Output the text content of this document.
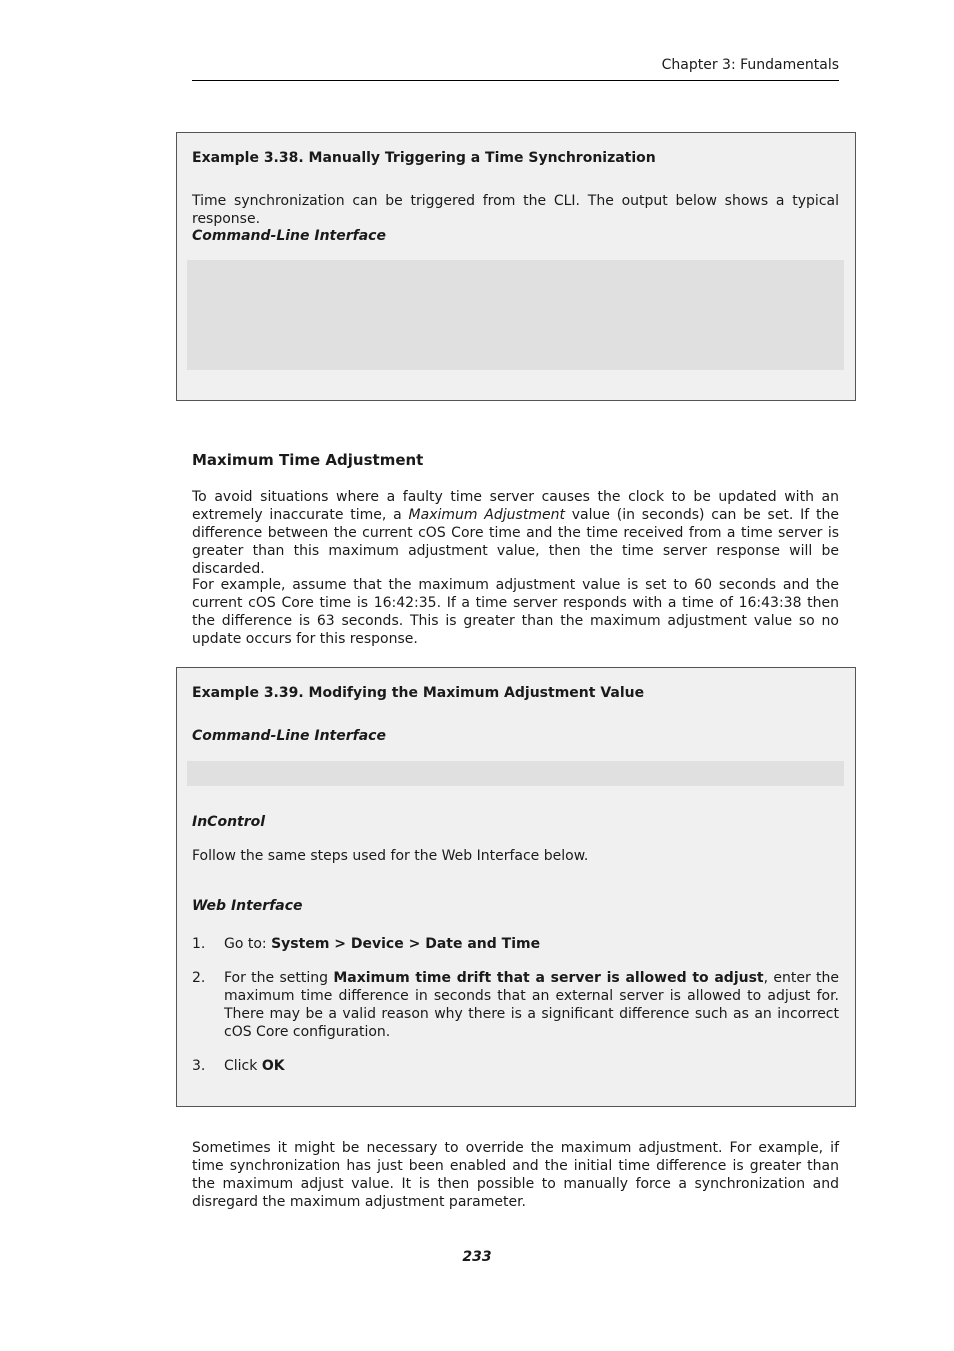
Chapter 3: Fundamentals
Example 3.38. Manually Triggering a Time Synchronization
Time synchronization can be triggered from the CLI. The output below shows a typical response.
Command-Line Interface
Maximum Time Adjustment
To avoid situations where a faulty time server causes the clock to be updated with an extremely inaccurate time, a Maximum Adjustment value (in seconds) can be set. If the difference between the current cOS Core time and the time received from a time server is greater than this maximum adjustment value, then the time server response will be discarded.
For example, assume that the maximum adjustment value is set to 60 seconds and the current cOS Core time is 16:42:35. If a time server responds with a time of 16:43:38 then the difference is 63 seconds. This is greater than the maximum adjustment value so no update occurs for this response.
Example 3.39. Modifying the Maximum Adjustment Value
Command-Line Interface
InControl
Follow the same steps used for the Web Interface below.
Web Interface
1. Go to: System > Device > Date and Time
2. For the setting Maximum time drift that a server is allowed to adjust, enter the maximum time difference in seconds that an external server is allowed to adjust for. There may be a valid reason why there is a significant difference such as an incorrect cOS Core configuration.
3. Click OK
Sometimes it might be necessary to override the maximum adjustment. For example, if time synchronization has just been enabled and the initial time difference is greater than the maximum adjust value. It is then possible to manually force a synchronization and disregard the maximum adjustment parameter.
233
